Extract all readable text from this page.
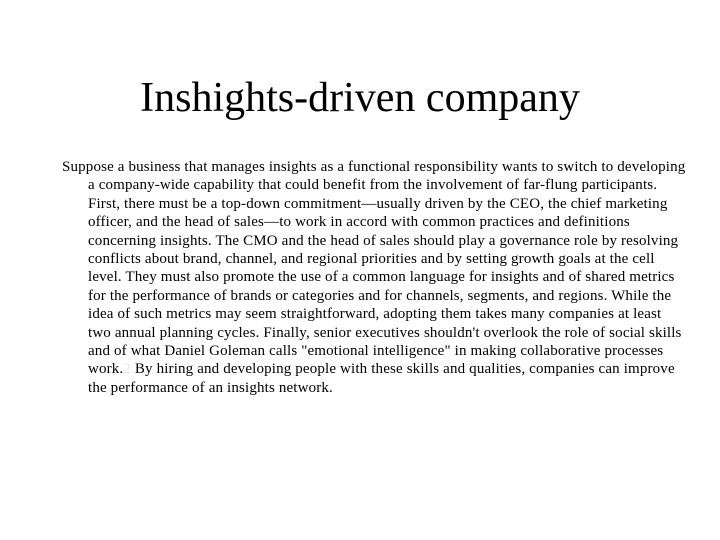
Inshights-driven company

Suppose a business that manages insights as a functional responsibility wants to switch to developing a company-wide capability that could benefit from the involvement of far-flung participants. First, there must be a top-down commitment—usually driven by the CEO, the chief marketing officer, and the head of sales—to work in accord with common practices and definitions concerning insights. The CMO and the head of sales should play a governance role by resolving conflicts about brand, channel, and regional priorities and by setting growth goals at the cell level. They must also promote the use of a common language for insights and of shared metrics for the performance of brands or categories and for channels, segments, and regions. While the idea of such metrics may seem straightforward, adopting them takes many companies at least two annual planning cycles. Finally, senior executives shouldn't overlook the role of social skills and of what Daniel Goleman calls "emotional intelligence" in making collaborative processes work.2 By hiring and developing people with these skills and qualities, companies can improve the performance of an insights network.
